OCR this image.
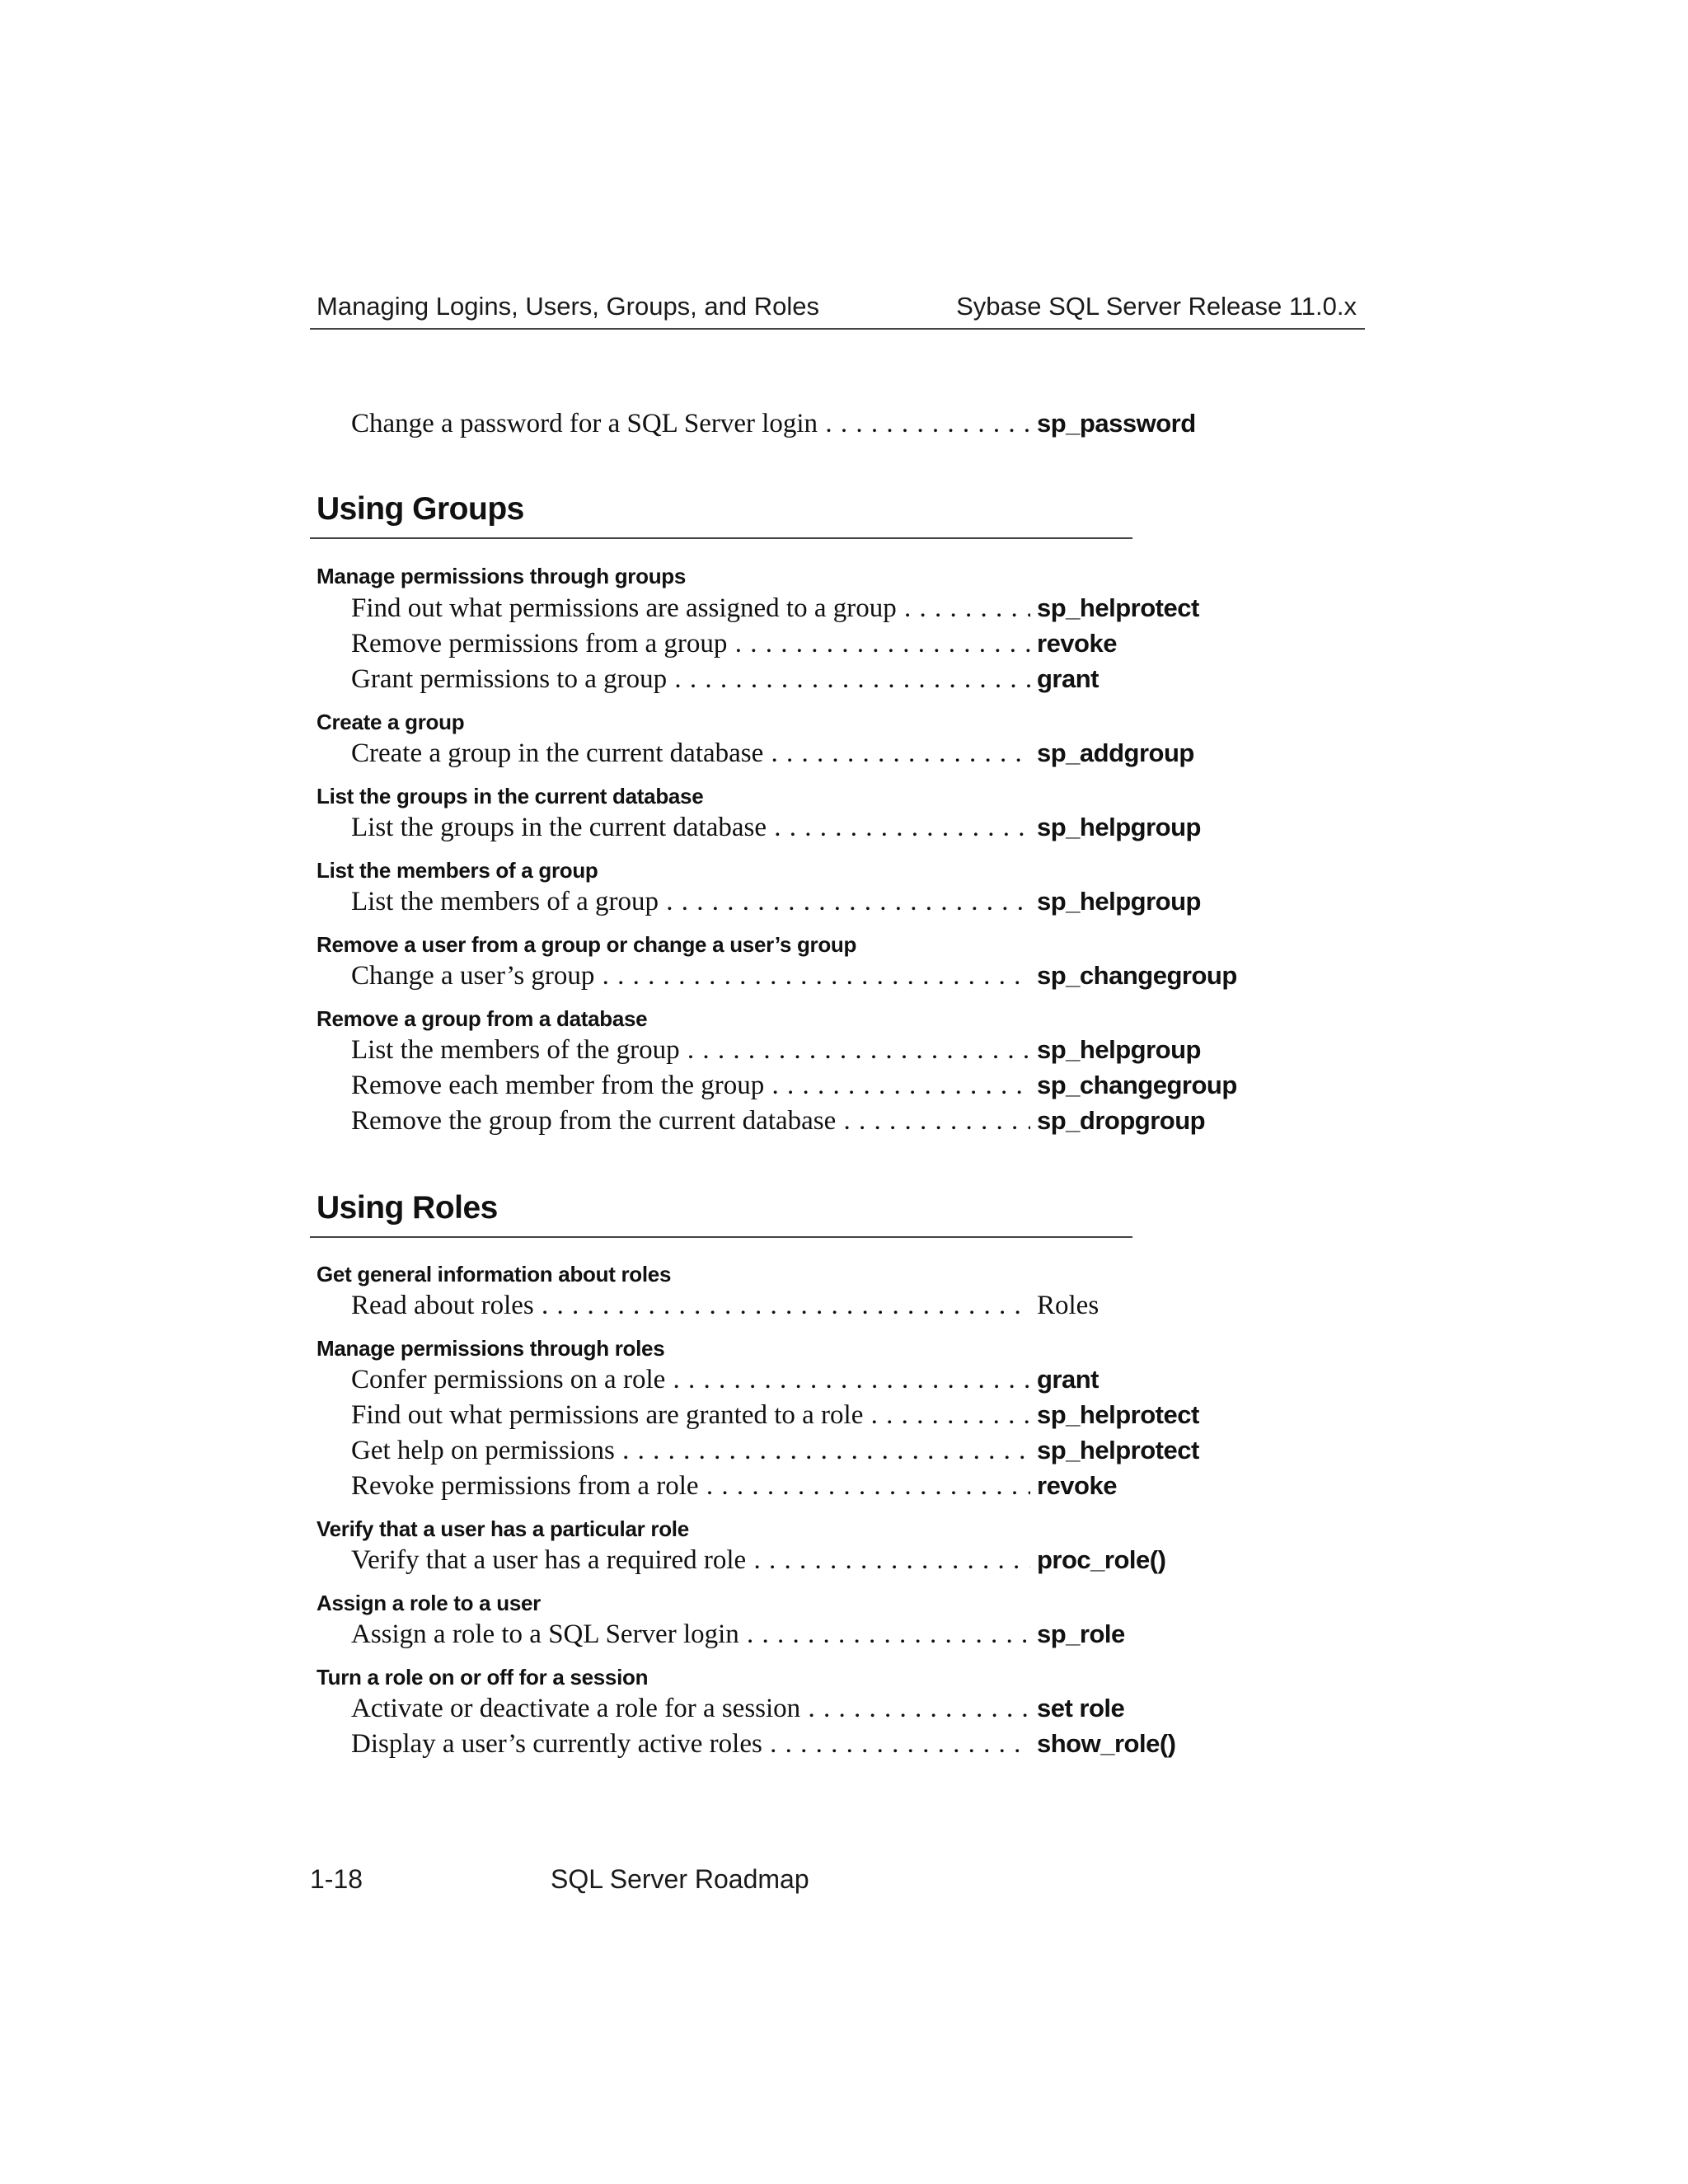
Managing Logins, Users, Groups, and Roles	Sybase SQL Server Release 11.0.x
Change a password for a SQL Server login . . .	sp_password
Using Groups
Manage permissions through groups
Find out what permissions are assigned to a group . . .	sp_helprotect
Remove permissions from a group . . .	revoke
Grant permissions to a group . . .	grant
Create a group
Create a group in the current database . . .	sp_addgroup
List the groups in the current database
List the groups in the current database . . .	sp_helpgroup
List the members of a group
List the members of a group . . .	sp_helpgroup
Remove a user from a group or change a user’s group
Change a user’s group . . .	sp_changegroup
Remove a group from a database
List the members of the group . . .	sp_helpgroup
Remove each member from the group . . .	sp_changegroup
Remove the group from the current database . . .	sp_dropgroup
Using Roles
Get general information about roles
Read about roles . . .	Roles
Manage permissions through roles
Confer permissions on a role . . .	grant
Find out what permissions are granted to a role . . .	sp_helprotect
Get help on permissions . . .	sp_helprotect
Revoke permissions from a role . . .	revoke
Verify that a user has a particular role
Verify that a user has a required role . . .	proc_role()
Assign a role to a user
Assign a role to a SQL Server login . . .	sp_role
Turn a role on or off for a session
Activate or deactivate a role for a session . . .	set role
Display a user’s currently active roles . . .	show_role()
1-18	SQL Server Roadmap
